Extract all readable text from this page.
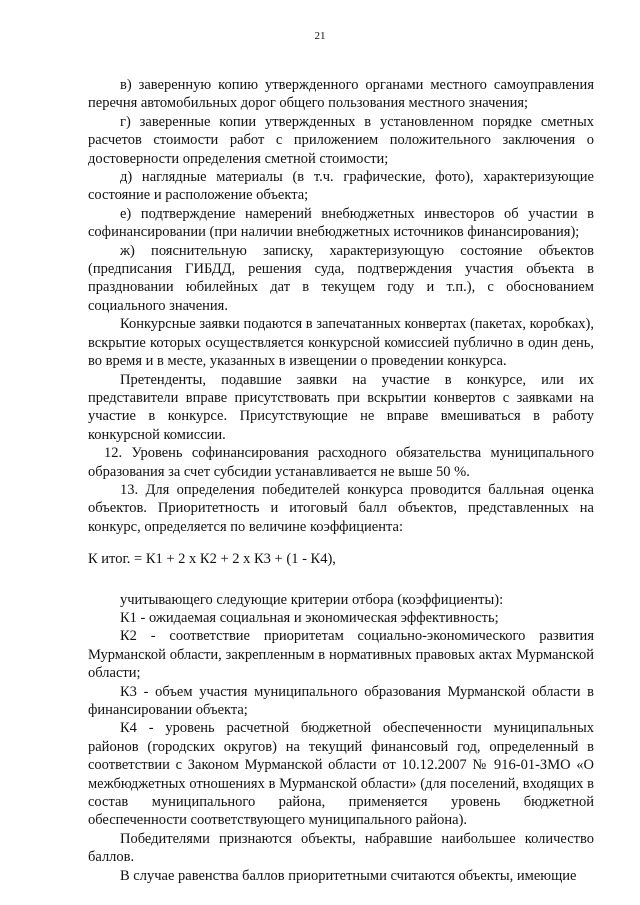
21

в) заверенную копию утвержденного органами местного самоуправления перечня автомобильных дорог общего пользования местного значения;

г) заверенные копии утвержденных в установленном порядке сметных расчетов стоимости работ с приложением положительного заключения о достоверности определения сметной стоимости;

д) наглядные материалы (в т.ч. графические, фото), характеризующие состояние и расположение объекта;

е) подтверждение намерений внебюджетных инвесторов об участии в софинансировании (при наличии внебюджетных источников финансирования);

ж) пояснительную записку, характеризующую состояние объектов (предписания ГИБДД, решения суда, подтверждения участия объекта в праздновании юбилейных дат в текущем году и т.п.), с обоснованием социального значения.

Конкурсные заявки подаются в запечатанных конвертах (пакетах, коробках), вскрытие которых осуществляется конкурсной комиссией публично в один день, во время и в месте, указанных в извещении о проведении конкурса.

Претенденты, подавшие заявки на участие в конкурсе, или их представители вправе присутствовать при вскрытии конвертов с заявками на участие в конкурсе. Присутствующие не вправе вмешиваться в работу конкурсной комиссии.

12. Уровень софинансирования расходного обязательства муниципального образования за счет субсидии устанавливается не выше 50 %.

13. Для определения победителей конкурса проводится балльная оценка объектов. Приоритетность и итоговый балл объектов, представленных на конкурс, определяется по величине коэффициента:

К итог. = К1 + 2 х К2 + 2 х К3 + (1 - К4),

учитывающего следующие критерии отбора (коэффициенты):

К1 - ожидаемая социальная и экономическая эффективность;

К2 - соответствие приоритетам социально-экономического развития Мурманской области, закрепленным в нормативных правовых актах Мурманской области;

К3 - объем участия муниципального образования Мурманской области в финансировании объекта;

К4 - уровень расчетной бюджетной обеспеченности муниципальных районов (городских округов) на текущий финансовый год, определенный в соответствии с Законом Мурманской области от 10.12.2007 № 916-01-ЗМО «О межбюджетных отношениях в Мурманской области» (для поселений, входящих в состав муниципального района, применяется уровень бюджетной обеспеченности соответствующего муниципального района).

Победителями признаются объекты, набравшие наибольшее количество баллов.

В случае равенства баллов приоритетными считаются объекты, имеющие
